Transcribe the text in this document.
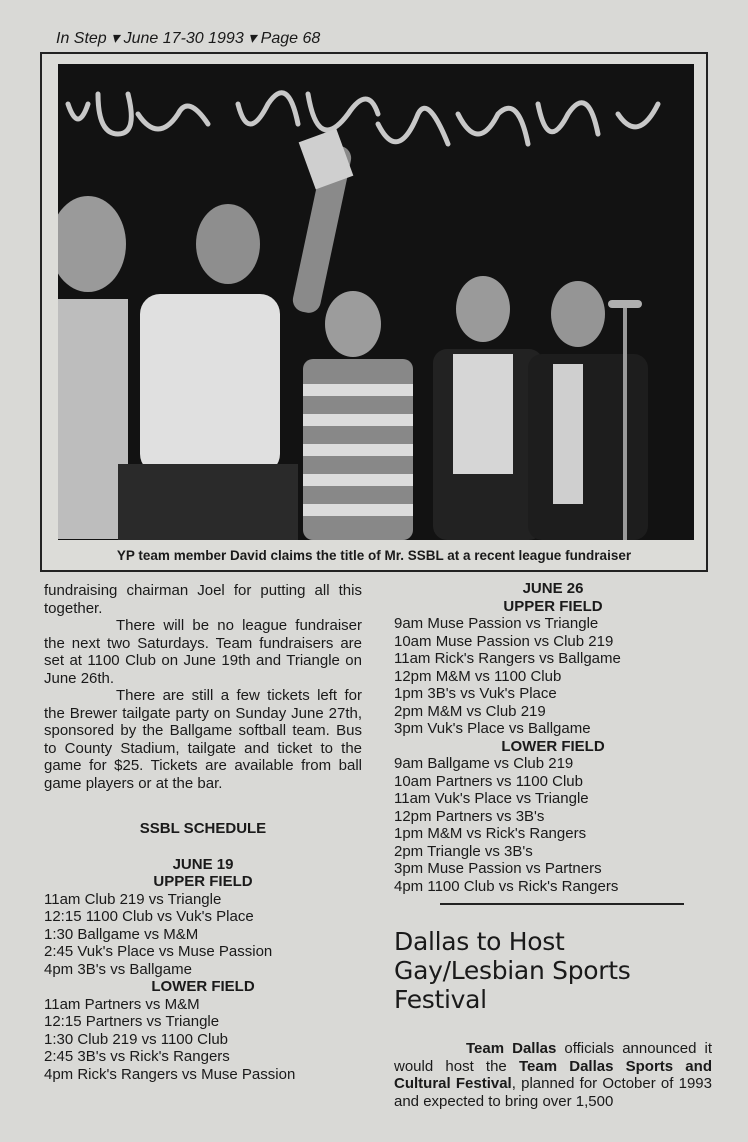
In Step ▾ June 17-30 1993 ▾ Page 68
YP team member David claims the title of Mr. SSBL at a recent league fundraiser

fundraising chairman Joel for putting all this together.

There will be no league fundraiser the next two Saturdays. Team fundraisers are set at 1100 Club on June 19th and Triangle on June 26th.

There are still a few tickets left for the Brewer tailgate party on Sunday June 27th, sponsored by the Ballgame softball team. Bus to County Stadium, tailgate and ticket to the game for $25. Tickets are available from ball game players or at the bar.

SSBL SCHEDULE

JUNE 19

UPPER FIELD

11am Club 219 vs Triangle

12:15 1100 Club vs Vuk's Place

1:30 Ballgame vs M&M

2:45 Vuk's Place vs Muse Passion

4pm 3B's vs Ballgame

LOWER FIELD

11am Partners vs M&M

12:15 Partners vs Triangle

1:30 Club 219 vs 1100 Club

2:45 3B's vs Rick's Rangers

4pm Rick's Rangers vs Muse Passion

JUNE 26

UPPER FIELD

9am Muse Passion vs Triangle

10am Muse Passion vs Club 219

11am Rick's Rangers vs Ballgame

12pm M&M vs 1100 Club

1pm 3B's vs Vuk's Place

2pm M&M vs Club 219

3pm Vuk's Place vs Ballgame

LOWER FIELD

9am Ballgame vs Club 219

10am Partners vs 1100 Club

11am Vuk's Place vs Triangle

12pm Partners vs 3B's

1pm M&M vs Rick's Rangers

2pm Triangle vs 3B's

3pm Muse Passion vs Partners

4pm 1100 Club vs Rick's Rangers

Dallas to Host
Gay/Lesbian Sports
Festival

Team Dallas officials announced it would host the Team Dallas Sports and Cultural Festival, planned for October of 1993 and expected to bring over 1,500
